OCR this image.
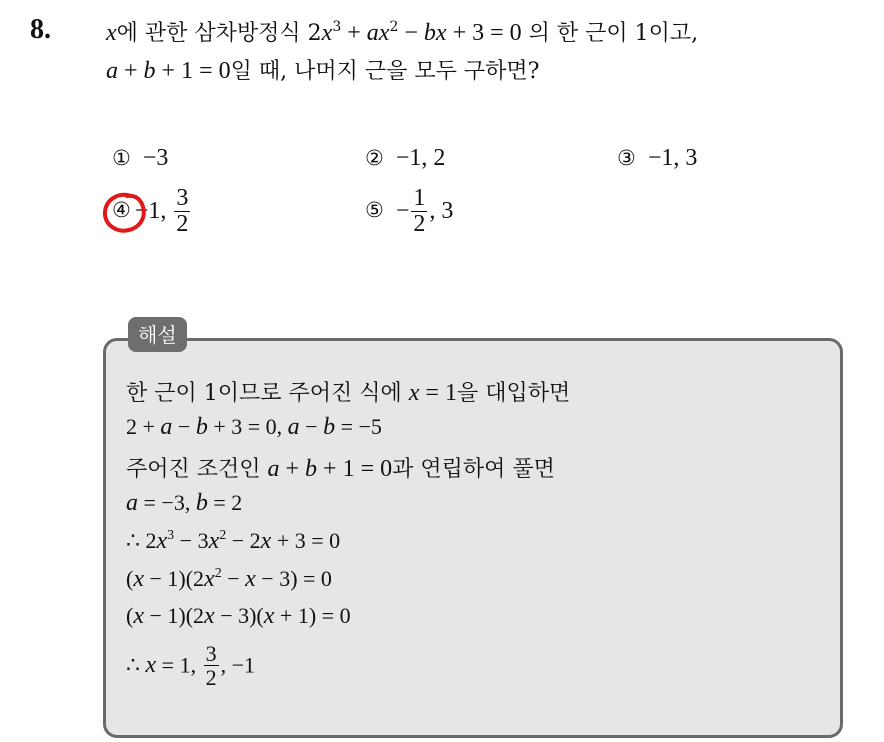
8. x에 관한 삼차방정식 $2x^3 + ax^2$ − bx + 3 = 0 의 한 근이 1이고,
a + b + 1 = 0일 때, 나머지 근을 모두 구하면?
① −3	② −1, 2	③ −1, 3
④ −1, $\frac{3}{2}$	⑤ − $\frac{1}{2}$ , 3
해설
한 근이 1이므로 주어진 식에 x = 1을 대입하면
2 + a − b + 3 = 0, a − b = −5
주어진 조건인 a + b + 1 = 0과 연립하여 풀면
a = −3, b = 2
∴ $2x^3 - 3x^2 - 2x + 3 = 0$
$(x - 1)(2x^2 - x - 3) = 0$
(x − 1)(2x − 3)(x + 1) = 0
∴ x = 1, $\frac{3}{2}$ , −1
